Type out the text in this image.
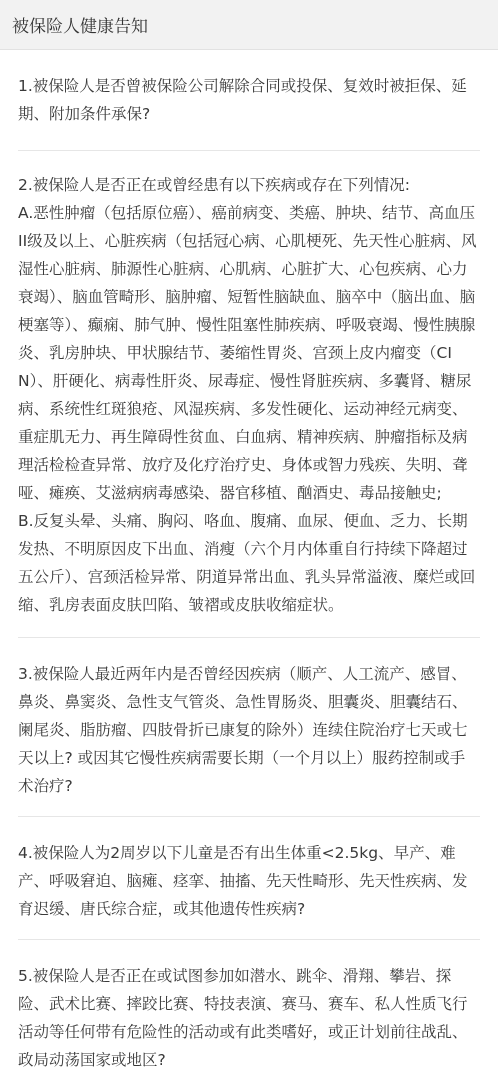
被保险人健康告知
1.被保险人是否曾被保险公司解除合同或投保、复效时被拒保、延期、附加条件承保?
2.被保险人是否正在或曾经患有以下疾病或存在下列情况:
A.恶性肿瘤（包括原位癌）、癌前病变、类癌、肿块、结节、高血压II级及以上、心脏疾病（包括冠心病、心肌梗死、先天性心脏病、风湿性心脏病、肺源性心脏病、心肌病、心脏扩大、心包疾病、心力衰竭）、脑血管畸形、脑肿瘤、短暂性脑缺血、脑卒中（脑出血、脑梗塞等）、癫痫、肺气肿、慢性阻塞性肺疾病、呼吸衰竭、慢性胰腺炎、乳房肿块、甲状腺结节、萎缩性胃炎、宫颈上皮内瘤变（CIN）、肝硬化、病毒性肝炎、尿毒症、慢性肾脏疾病、多囊肾、糖尿病、系统性红斑狼疮、风湿疾病、多发性硬化、运动神经元病变、重症肌无力、再生障碍性贫血、白血病、精神疾病、肿瘤指标及病理活检检查异常、放疗及化疗治疗史、身体或智力残疾、失明、聋哑、瘫痪、艾滋病病毒感染、器官移植、酗酒史、毒品接触史;
B.反复头晕、头痛、胸闷、咯血、腹痛、血尿、便血、乏力、长期发热、不明原因皮下出血、消瘦（六个月内体重自行持续下降超过五公斤）、宫颈活检异常、阴道异常出血、乳头异常溢液、糜烂或回缩、乳房表面皮肤凹陷、皱褶或皮肤收缩症状。
3.被保险人最近两年内是否曾经因疾病（顺产、人工流产、感冒、鼻炎、鼻窦炎、急性支气管炎、急性胃肠炎、胆囊炎、胆囊结石、阑尾炎、脂肪瘤、四肢骨折已康复的除外）连续住院治疗七天或七天以上? 或因其它慢性疾病需要长期（一个月以上）服药控制或手术治疗?
4.被保险人为2周岁以下儿童是否有出生体重<2.5kg、早产、难产、呼吸窘迫、脑瘫、痉挛、抽搐、先天性畸形、先天性疾病、发育迟缓、唐氏综合症，或其他遗传性疾病?
5.被保险人是否正在或试图参加如潜水、跳伞、滑翔、攀岩、探险、武术比赛、摔跤比赛、特技表演、赛马、赛车、私人性质飞行活动等任何带有危险性的活动或有此类嗜好，或正计划前往战乱、政局动荡国家或地区?
